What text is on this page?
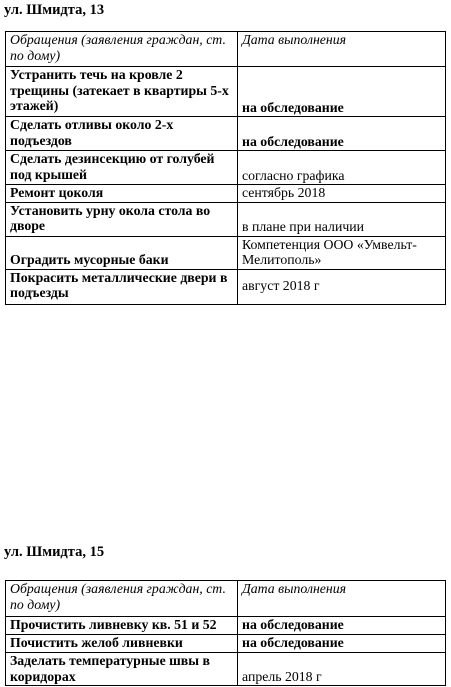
ул. Шмидта, 13
Обращения (заявления граждан, ст. по дому)	Дата выполнения
Устранить течь на кровле 2 трещины (затекает в квартиры 5-х этажей)	на обследование
Сделать отливы около 2-х подъездов	на обследование
Сделать дезинсекцию от голубей под крышей	согласно графика
Ремонт цоколя	сентябрь 2018
Установить урну окола стола во дворе	в плане при наличии
Оградить мусорные баки	Компетенция ООО «Умвельт-Мелитополь»
Покрасить металлические двери в подъезды	август 2018 г
ул. Шмидта, 15
Обращения (заявления граждан, ст. по дому)	Дата выполнения
Прочистить ливневку кв. 51 и 52	на обследование
Почистить желоб ливневки	на обследование
Заделать температурные швы в коридорах	апрель 2018 г
